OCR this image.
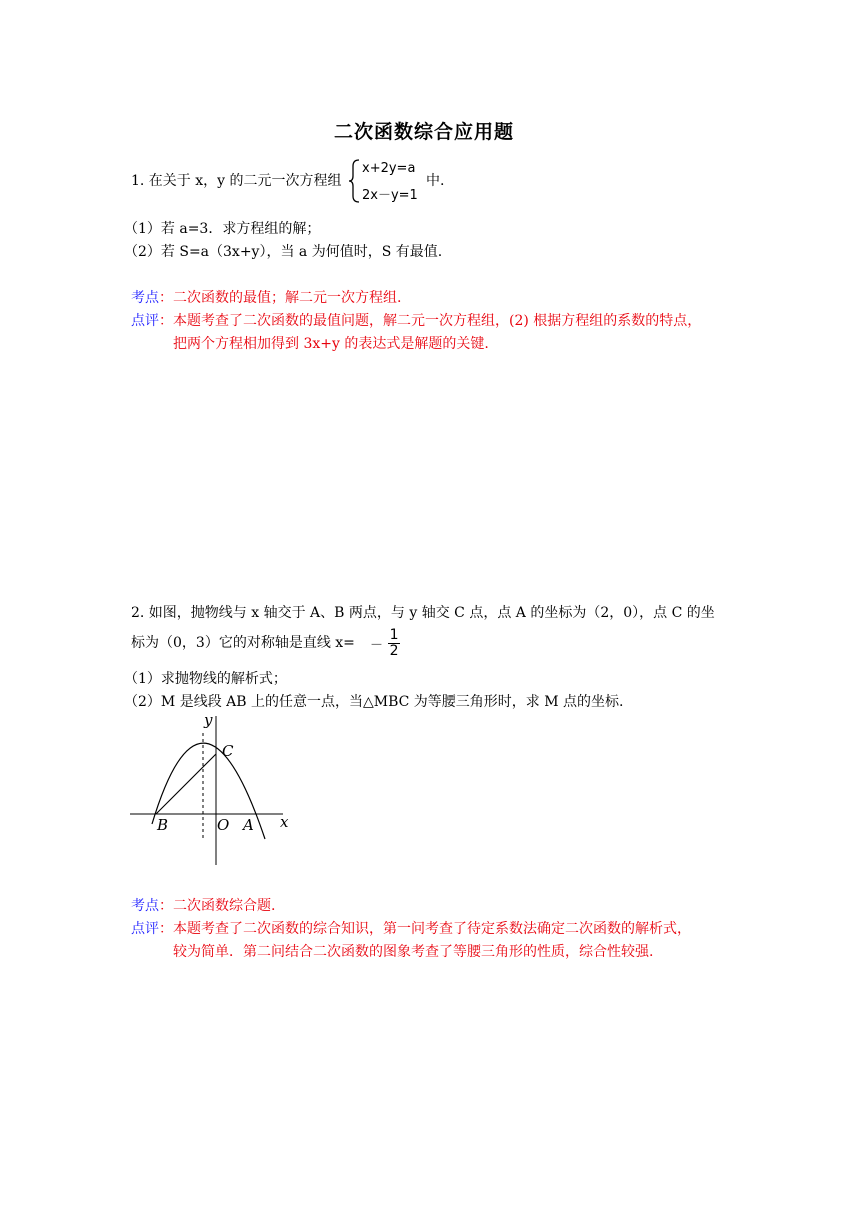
二次函数综合应用题
1. 在关于 x，y 的二元一次方程组
x+2y=a
2x－y=1
中.
（1）若 a=3．求方程组的解；
（2）若 S=a（3x+y），当 a 为何值时，S 有最值.
考点：二次函数的最值；解二元一次方程组.
点评：本题考查了二次函数的最值问题，解二元一次方程组，(2) 根据方程组的系数的特点，
把两个方程相加得到 3x+y 的表达式是解题的关键.
2. 如图，抛物线与 x 轴交于 A、B 两点，与 y 轴交 C 点，点 A 的坐标为（2，0），点 C 的坐
标为（0，3）它的对称轴是直线 $x= - \frac{1}{2}$
（1）求抛物线的解析式；
（2）M 是线段 AB 上的任意一点，当△MBC 为等腰三角形时，求 M 点的坐标.
y
x
C
B	O A
考点：二次函数综合题.
点评：本题考查了二次函数的综合知识，第一问考查了待定系数法确定二次函数的解析式，
较为简单．第二问结合二次函数的图象考查了等腰三角形的性质，综合性较强.
